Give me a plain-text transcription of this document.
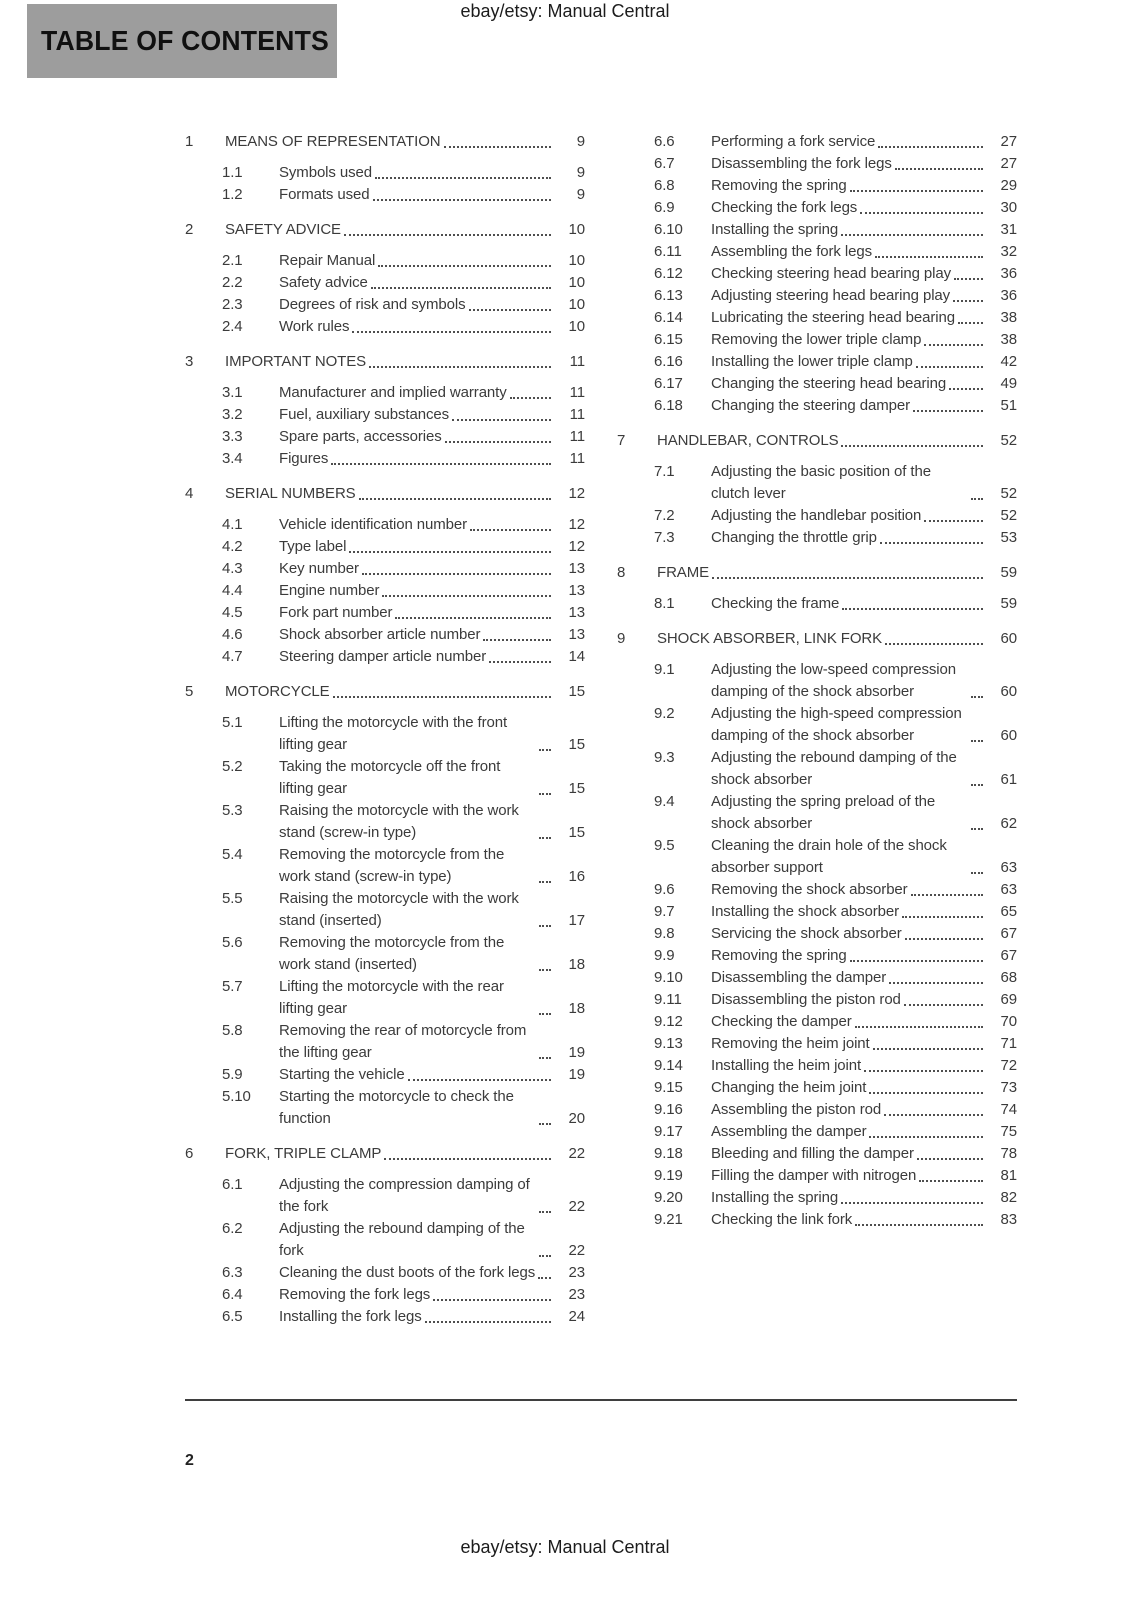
TABLE OF CONTENTS
ebay/etsy: Manual Central
1	MEANS OF REPRESENTATION	9
1.1	Symbols used	9
1.2	Formats used	9
2	SAFETY ADVICE	10
2.1	Repair Manual	10
2.2	Safety advice	10
2.3	Degrees of risk and symbols	10
2.4	Work rules	10
3	IMPORTANT NOTES	11
3.1	Manufacturer and implied warranty	11
3.2	Fuel, auxiliary substances	11
3.3	Spare parts, accessories	11
3.4	Figures	11
4	SERIAL NUMBERS	12
4.1	Vehicle identification number	12
4.2	Type label	12
4.3	Key number	13
4.4	Engine number	13
4.5	Fork part number	13
4.6	Shock absorber article number	13
4.7	Steering damper article number	14
5	MOTORCYCLE	15
5.1	Lifting the motorcycle with the front lifting gear	15
5.2	Taking the motorcycle off the front lifting gear	15
5.3	Raising the motorcycle with the work stand (screw-in type)	15
5.4	Removing the motorcycle from the work stand (screw-in type)	16
5.5	Raising the motorcycle with the work stand (inserted)	17
5.6	Removing the motorcycle from the work stand (inserted)	18
5.7	Lifting the motorcycle with the rear lifting gear	18
5.8	Removing the rear of motorcycle from the lifting gear	19
5.9	Starting the vehicle	19
5.10	Starting the motorcycle to check the function	20
6	FORK, TRIPLE CLAMP	22
6.1	Adjusting the compression damping of the fork	22
6.2	Adjusting the rebound damping of the fork	22
6.3	Cleaning the dust boots of the fork legs	23
6.4	Removing the fork legs	23
6.5	Installing the fork legs	24
6.6	Performing a fork service	27
6.7	Disassembling the fork legs	27
6.8	Removing the spring	29
6.9	Checking the fork legs	30
6.10	Installing the spring	31
6.11	Assembling the fork legs	32
6.12	Checking steering head bearing play	36
6.13	Adjusting steering head bearing play	36
6.14	Lubricating the steering head bearing	38
6.15	Removing the lower triple clamp	38
6.16	Installing the lower triple clamp	42
6.17	Changing the steering head bearing	49
6.18	Changing the steering damper	51
7	HANDLEBAR, CONTROLS	52
7.1	Adjusting the basic position of the clutch lever	52
7.2	Adjusting the handlebar position	52
7.3	Changing the throttle grip	53
8	FRAME	59
8.1	Checking the frame	59
9	SHOCK ABSORBER, LINK FORK	60
9.1	Adjusting the low-speed compression damping of the shock absorber	60
9.2	Adjusting the high-speed compression damping of the shock absorber	60
9.3	Adjusting the rebound damping of the shock absorber	61
9.4	Adjusting the spring preload of the shock absorber	62
9.5	Cleaning the drain hole of the shock absorber support	63
9.6	Removing the shock absorber	63
9.7	Installing the shock absorber	65
9.8	Servicing the shock absorber	67
9.9	Removing the spring	67
9.10	Disassembling the damper	68
9.11	Disassembling the piston rod	69
9.12	Checking the damper	70
9.13	Removing the heim joint	71
9.14	Installing the heim joint	72
9.15	Changing the heim joint	73
9.16	Assembling the piston rod	74
9.17	Assembling the damper	75
9.18	Bleeding and filling the damper	78
9.19	Filling the damper with nitrogen	81
9.20	Installing the spring	82
9.21	Checking the link fork	83
2
ebay/etsy: Manual Central
